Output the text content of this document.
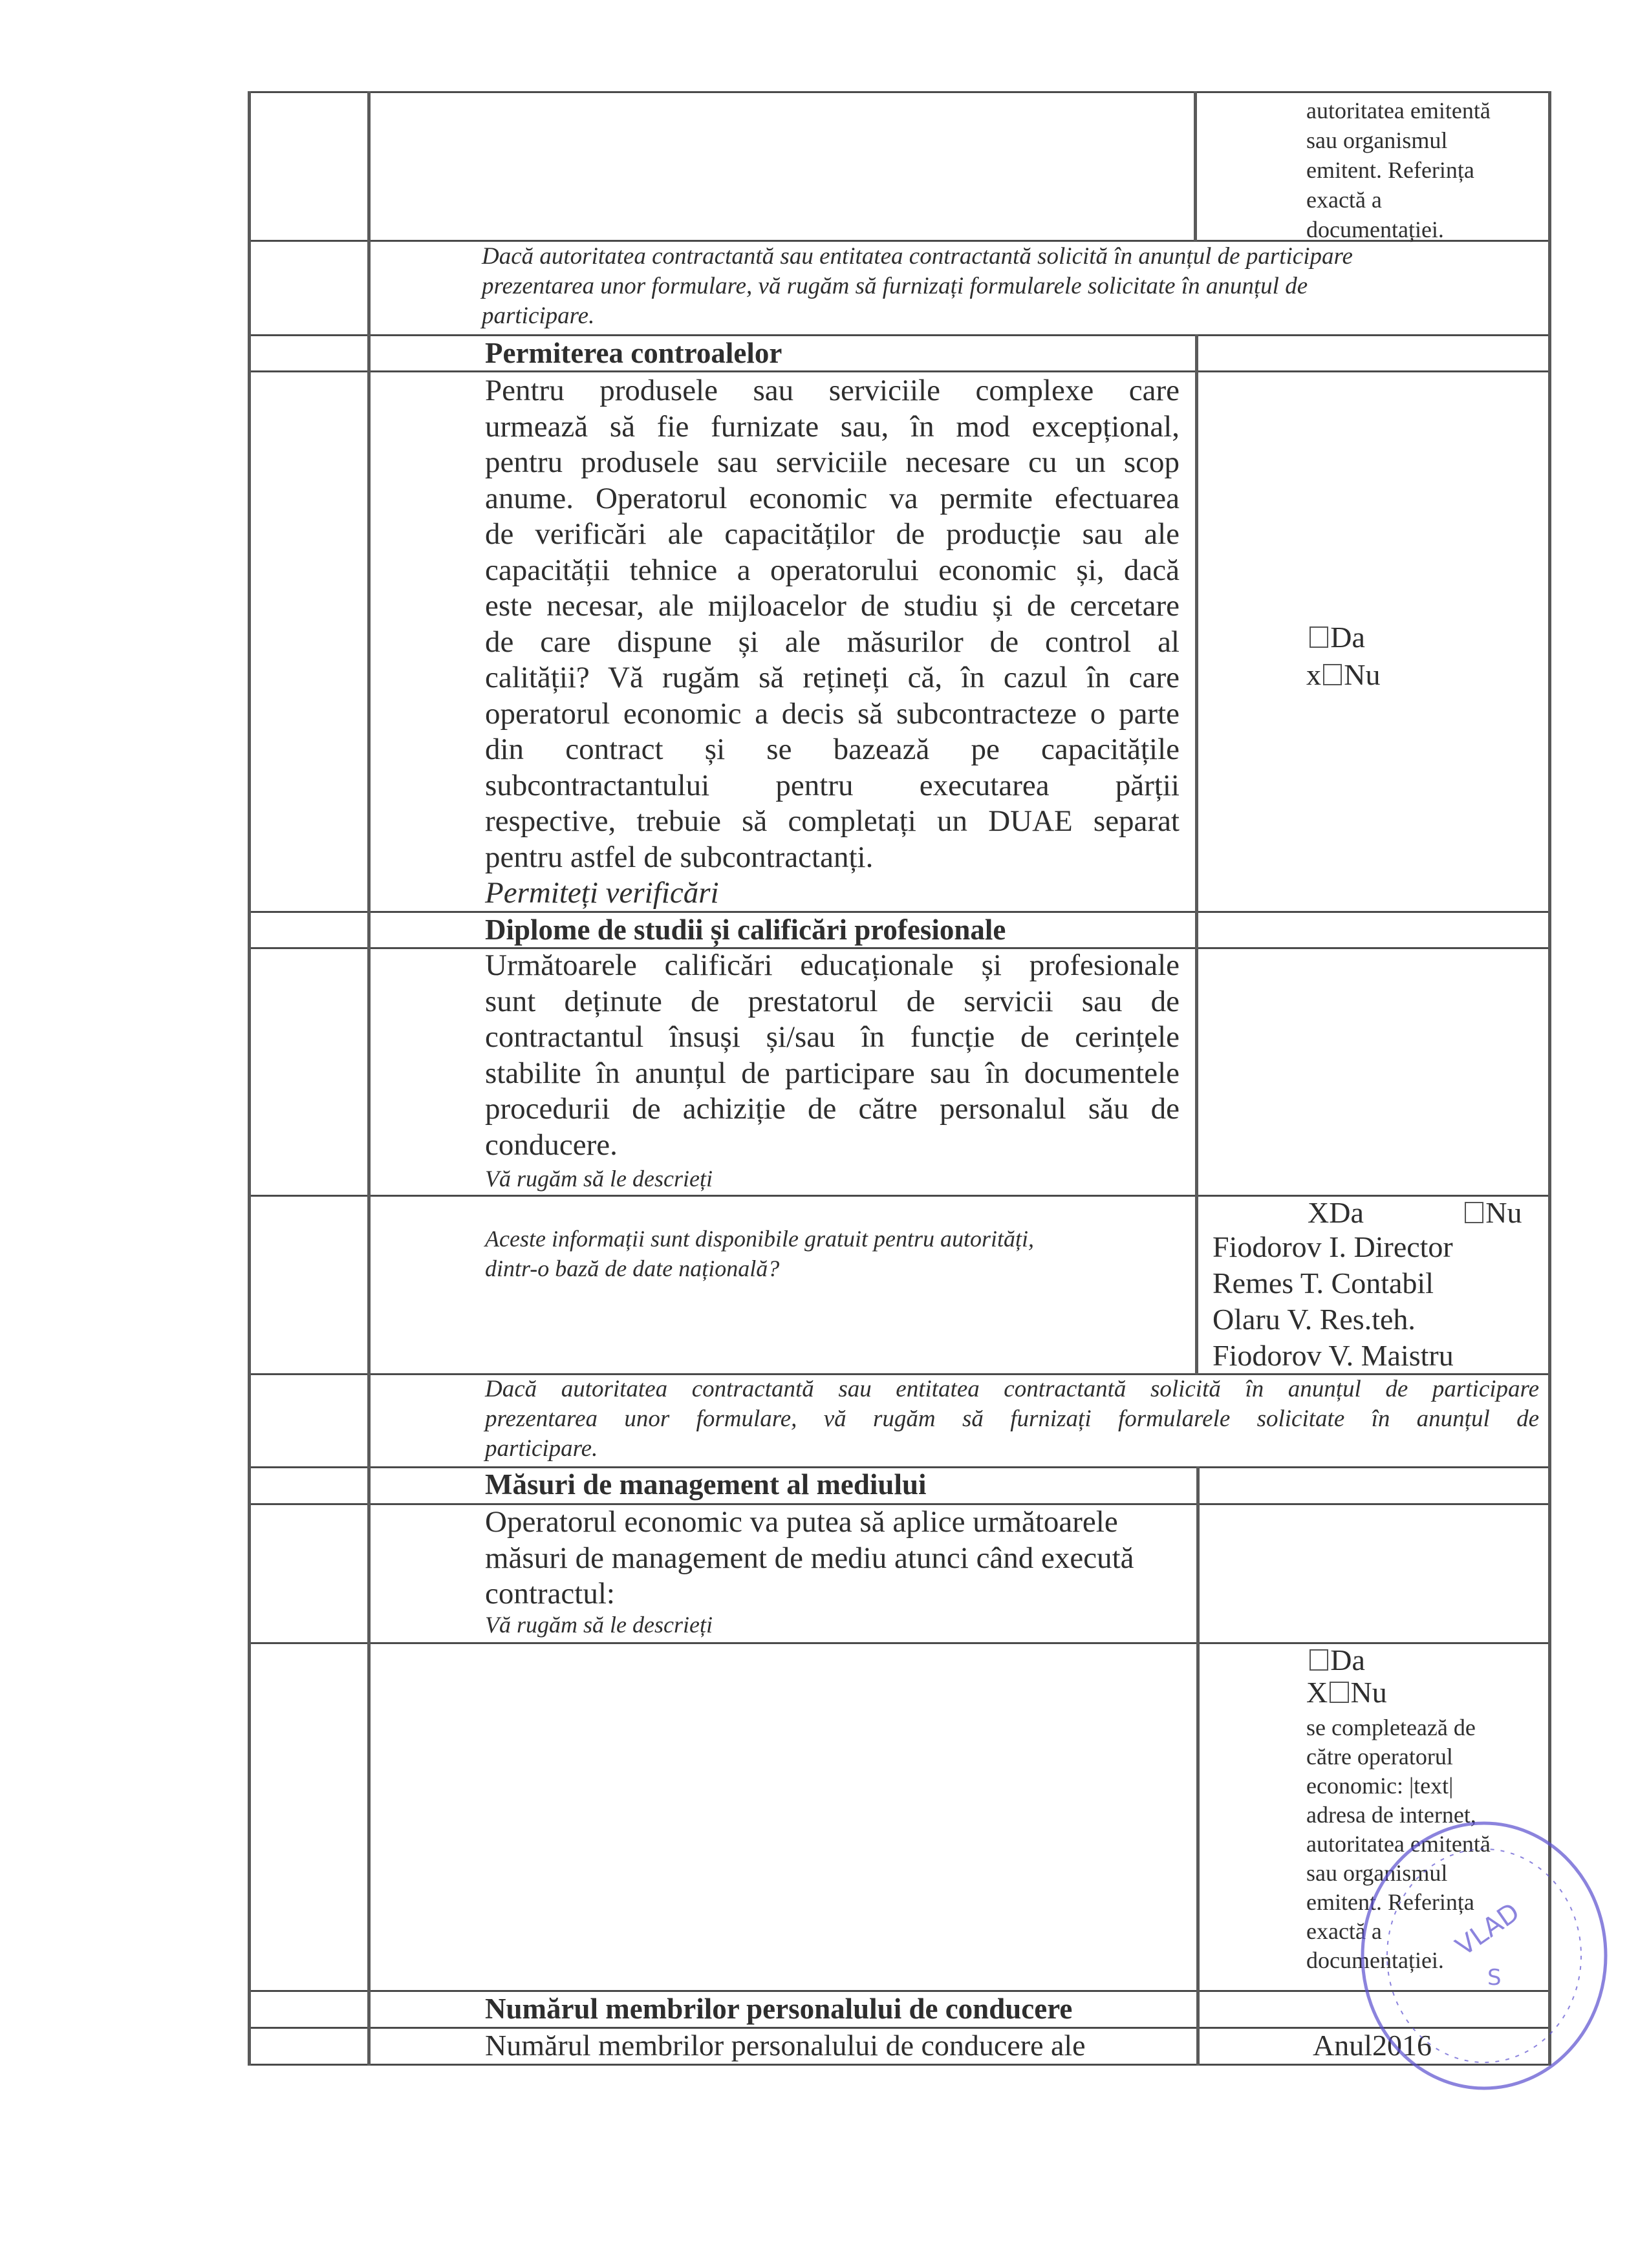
autoritatea emitentă
sau organismul
emitent. Referința
exactă a
documentației.
Dacă autoritatea contractantă sau entitatea contractantă solicită în anunțul de participare
prezentarea unor formulare, vă rugăm să furnizați formularele solicitate în anunțul de
participare.
Permiterea controalelor
Pentru produsele sau serviciile complexe care
urmează să fie furnizate sau, în mod excepțional,
pentru produsele sau serviciile necesare cu un scop
anume. Operatorul economic va permite efectuarea
de verificări ale capacităților de producție sau ale
capacității tehnice a operatorului economic și, dacă
este necesar, ale mijloacelor de studiu și de cercetare
de care dispune și ale măsurilor de control al
calității? Vă rugăm să rețineți că, în cazul în care
operatorul economic a decis să subcontracteze o parte
din contract și se bazează pe capacitățile
subcontractantului pentru executarea părții
respective, trebuie să completați un DUAE separat
pentru astfel de subcontractanți.
Permiteți verificări
Da
x Nu
Diplome de studii și calificări profesionale
Următoarele calificări educaționale și profesionale
sunt deținute de prestatorul de servicii sau de
contractantul însuși și/sau în funcție de cerințele
stabilite în anunțul de participare sau în documentele
procedurii de achiziție de către personalul său de
conducere.
Vă rugăm să le descrieți
Aceste informații sunt disponibile gratuit pentru autorități,
dintr-o bază de date națională?
XDa	Nu
Fiodorov I. Director
Remes T. Contabil
Olaru V. Res.teh.
Fiodorov V. Maistru
Dacă autoritatea contractantă sau entitatea contractantă solicită în anunțul de participare
prezentarea unor formulare, vă rugăm să furnizați formularele solicitate în anunțul de
participare.
Măsuri de management al mediului
Operatorul economic va putea să aplice următoarele
măsuri de management de mediu atunci când execută
contractul:
Vă rugăm să le descrieți
Da
X Nu
se completează de
către operatorul
economic: |text|
adresa de internet,
autoritatea emitentă
sau organismul
emitent. Referința
exactă a
documentației.
Numărul membrilor personalului de conducere
Numărul membrilor personalului de conducere ale	Anul2016
VLAD
S
